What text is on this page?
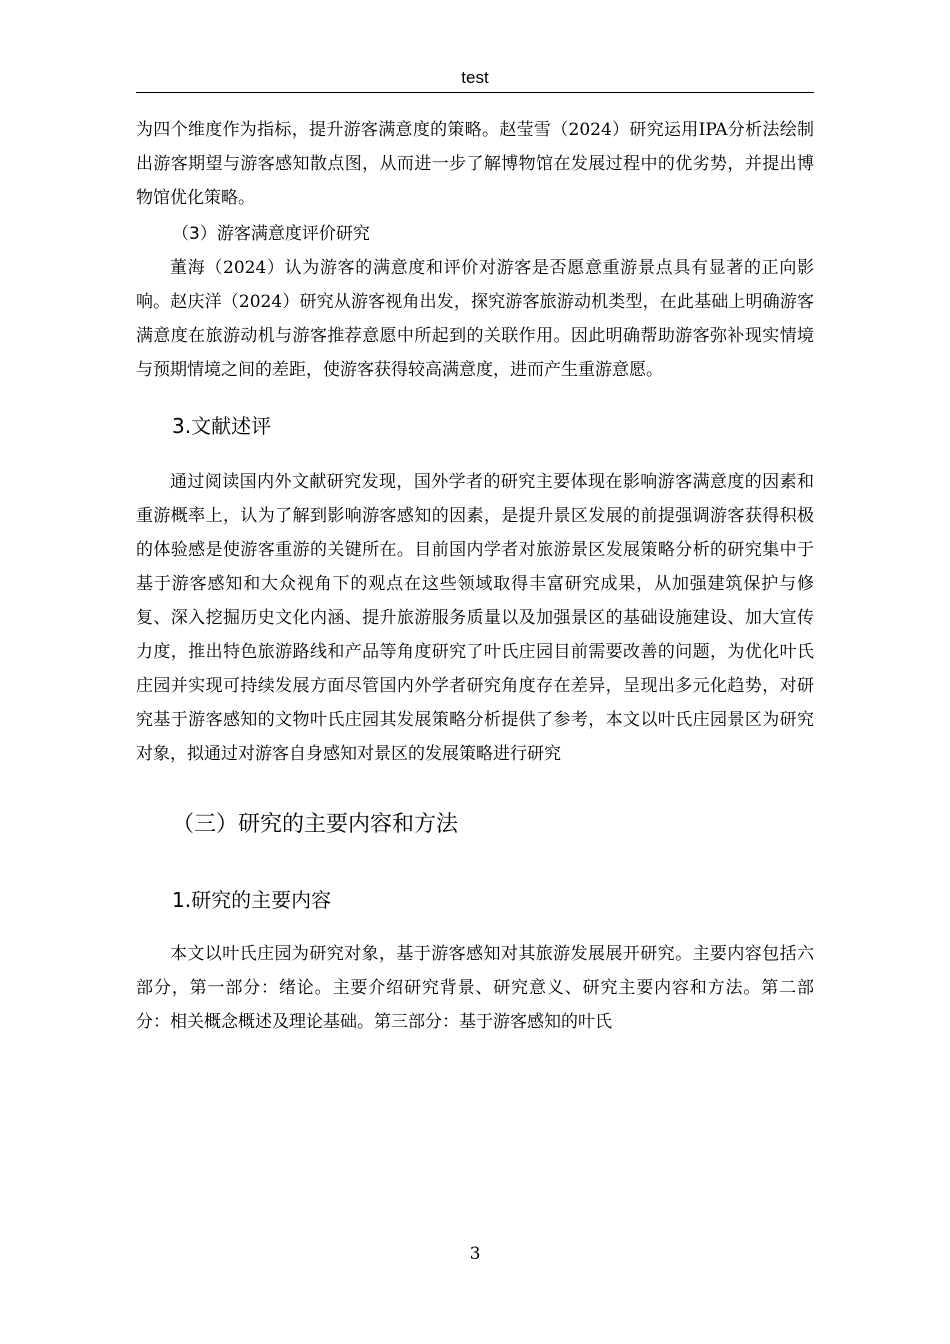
test

为四个维度作为指标，提升游客满意度的策略。赵莹雪（2024）研究运用IPA分析法绘制出游客期望与游客感知散点图，从而进一步了解博物馆在发展过程中的优劣势，并提出博物馆优化策略。

（3）游客满意度评价研究

董海（2024）认为游客的满意度和评价对游客是否愿意重游景点具有显著的正向影响。赵庆洋（2024）研究从游客视角出发，探究游客旅游动机类型，在此基础上明确游客满意度在旅游动机与游客推荐意愿中所起到的关联作用。因此明确帮助游客弥补现实情境与预期情境之间的差距，使游客获得较高满意度，进而产生重游意愿。

3.文献述评

通过阅读国内外文献研究发现，国外学者的研究主要体现在影响游客满意度的因素和重游概率上，认为了解到影响游客感知的因素，是提升景区发展的前提强调游客获得积极的体验感是使游客重游的关键所在。目前国内学者对旅游景区发展策略分析的研究集中于基于游客感知和大众视角下的观点在这些领域取得丰富研究成果，从加强建筑保护与修复、深入挖掘历史文化内涵、提升旅游服务质量以及加强景区的基础设施建设、加大宣传力度，推出特色旅游路线和产品等角度研究了叶氏庄园目前需要改善的问题，为优化叶氏庄园并实现可持续发展方面尽管国内外学者研究角度存在差异，呈现出多元化趋势，对研究基于游客感知的文物叶氏庄园其发展策略分析提供了参考，本文以叶氏庄园景区为研究对象，拟通过对游客自身感知对景区的发展策略进行研究

（三）研究的主要内容和方法
1.研究的主要内容

本文以叶氏庄园为研究对象，基于游客感知对其旅游发展展开研究。主要内容包括六部分，第一部分：绪论。主要介绍研究背景、研究意义、研究主要内容和方法。第二部分：相关概念概述及理论基础。第三部分：基于游客感知的叶氏

3
